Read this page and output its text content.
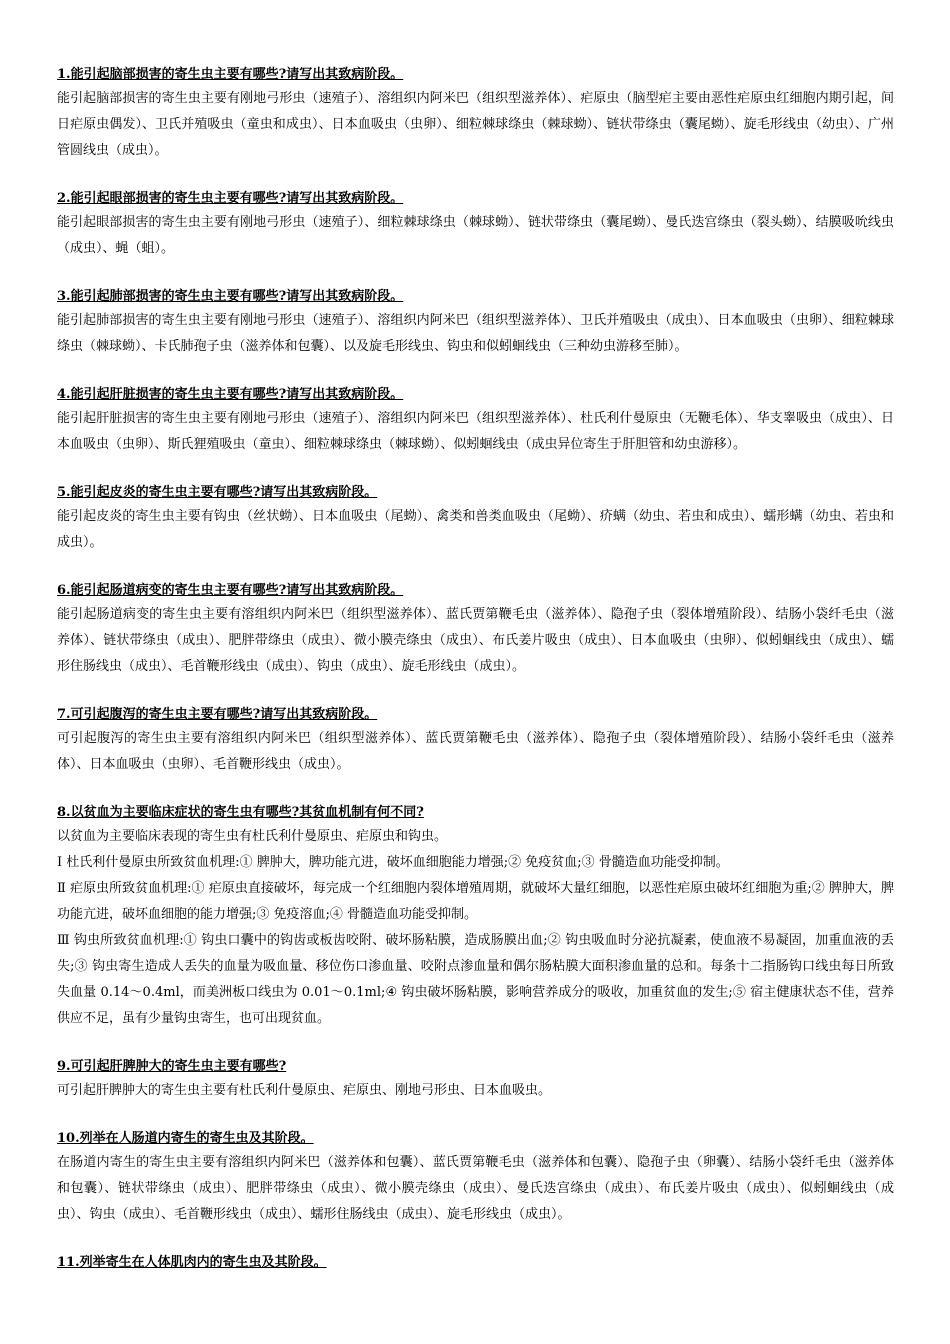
1.能引起脑部损害的寄生虫主要有哪些?请写出其致病阶段。
能引起脑部损害的寄生虫主要有刚地弓形虫（速殖子）、溶组织内阿米巴（组织型滋养体）、疟原虫（脑型疟主要由恶性疟原虫红细胞内期引起，间日疟原虫偶发）、卫氏并殖吸虫（童虫和成虫）、日本血吸虫（虫卵）、细粒棘球绦虫（棘球蚴）、链状带绦虫（囊尾蚴）、旋毛形线虫（幼虫）、广州管圆线虫（成虫）。
2.能引起眼部损害的寄生虫主要有哪些?请写出其致病阶段。
能引起眼部损害的寄生虫主要有刚地弓形虫（速殖子）、细粒棘球绦虫（棘球蚴）、链状带绦虫（囊尾蚴）、曼氏迭宫绦虫（裂头蚴）、结膜吸吮线虫（成虫）、蝇（蛆）。
3.能引起肺部损害的寄生虫主要有哪些?请写出其致病阶段。
能引起肺部损害的寄生虫主要有刚地弓形虫（速殖子）、溶组织内阿米巴（组织型滋养体）、卫氏并殖吸虫（成虫）、日本血吸虫（虫卵）、细粒棘球绦虫（棘球蚴）、卡氏肺孢子虫（滋养体和包囊）、以及旋毛形线虫、钩虫和似蚓蛔线虫（三种幼虫游移至肺）。
4.能引起肝脏损害的寄生虫主要有哪些?请写出其致病阶段。
能引起肝脏损害的寄生虫主要有刚地弓形虫（速殖子）、溶组织内阿米巴（组织型滋养体）、杜氏利什曼原虫（无鞭毛体）、华支睾吸虫（成虫）、日本血吸虫（虫卵）、斯氏狸殖吸虫（童虫）、细粒棘球绦虫（棘球蚴）、似蚓蛔线虫（成虫异位寄生于肝胆管和幼虫游移）。
5.能引起皮炎的寄生虫主要有哪些?请写出其致病阶段。
能引起皮炎的寄生虫主要有钩虫（丝状蚴）、日本血吸虫（尾蚴）、禽类和兽类血吸虫（尾蚴）、疥螨（幼虫、若虫和成虫）、蠕形螨（幼虫、若虫和成虫）。
6.能引起肠道病变的寄生虫主要有哪些?请写出其致病阶段。
能引起肠道病变的寄生虫主要有溶组织内阿米巴（组织型滋养体）、蓝氏贾第鞭毛虫（滋养体）、隐孢子虫（裂体增殖阶段）、结肠小袋纤毛虫（滋养体）、链状带绦虫（成虫）、肥胖带绦虫（成虫）、微小膜壳绦虫（成虫）、布氏姜片吸虫（成虫）、日本血吸虫（虫卵）、似蚓蛔线虫（成虫）、蠕形住肠线虫（成虫）、毛首鞭形线虫（成虫）、钩虫（成虫）、旋毛形线虫（成虫）。
7.可引起腹泻的寄生虫主要有哪些?请写出其致病阶段。
可引起腹泻的寄生虫主要有溶组织内阿米巴（组织型滋养体）、蓝氏贾第鞭毛虫（滋养体）、隐孢子虫（裂体增殖阶段）、结肠小袋纤毛虫（滋养体）、日本血吸虫（虫卵）、毛首鞭形线虫（成虫）。
8.以贫血为主要临床症状的寄生虫有哪些?其贫血机制有何不同?
以贫血为主要临床表现的寄生虫有杜氏利什曼原虫、疟原虫和钩虫。
Ⅰ 杜氏利什曼原虫所致贫血机理:① 脾肿大，脾功能亢进，破坏血细胞能力增强;② 免疫贫血;③ 骨髓造血功能受抑制。
Ⅱ 疟原虫所致贫血机理:① 疟原虫直接破坏，每完成一个红细胞内裂体增殖周期，就破坏大量红细胞，以恶性疟原虫破坏红细胞为重;② 脾肿大，脾功能亢进，破坏血细胞的能力增强;③ 免疫溶血;④ 骨髓造血功能受抑制。
Ⅲ 钩虫所致贫血机理:① 钩虫口囊中的钩齿或板齿咬附、破坏肠粘膜，造成肠膜出血;② 钩虫吸血时分泌抗凝素，使血液不易凝固，加重血液的丢失;③ 钩虫寄生造成人丢失的血量为吸血量、移位伤口渗血量、咬附点渗血量和偶尔肠粘膜大面积渗血量的总和。每条十二指肠钩口线虫每日所致失血量 0.14～0.4ml，而美洲板口线虫为 0.01～0.1ml;④ 钩虫破坏肠粘膜，影响营养成分的吸收，加重贫血的发生;⑤ 宿主健康状态不佳，营养供应不足，虽有少量钩虫寄生，也可出现贫血。
9.可引起肝脾肿大的寄生虫主要有哪些?
可引起肝脾肿大的寄生虫主要有杜氏利什曼原虫、疟原虫、刚地弓形虫、日本血吸虫。
10.列举在人肠道内寄生的寄生虫及其阶段。
在肠道内寄生的寄生虫主要有溶组织内阿米巴（滋养体和包囊）、蓝氏贾第鞭毛虫（滋养体和包囊）、隐孢子虫（卵囊）、结肠小袋纤毛虫（滋养体和包囊）、链状带绦虫（成虫）、肥胖带绦虫（成虫）、微小膜壳绦虫（成虫）、曼氏迭宫绦虫（成虫）、布氏姜片吸虫（成虫）、似蚓蛔线虫（成虫）、钩虫（成虫）、毛首鞭形线虫（成虫）、蠕形住肠线虫（成虫）、旋毛形线虫（成虫）。
11.列举寄生在人体肌肉内的寄生虫及其阶段。
